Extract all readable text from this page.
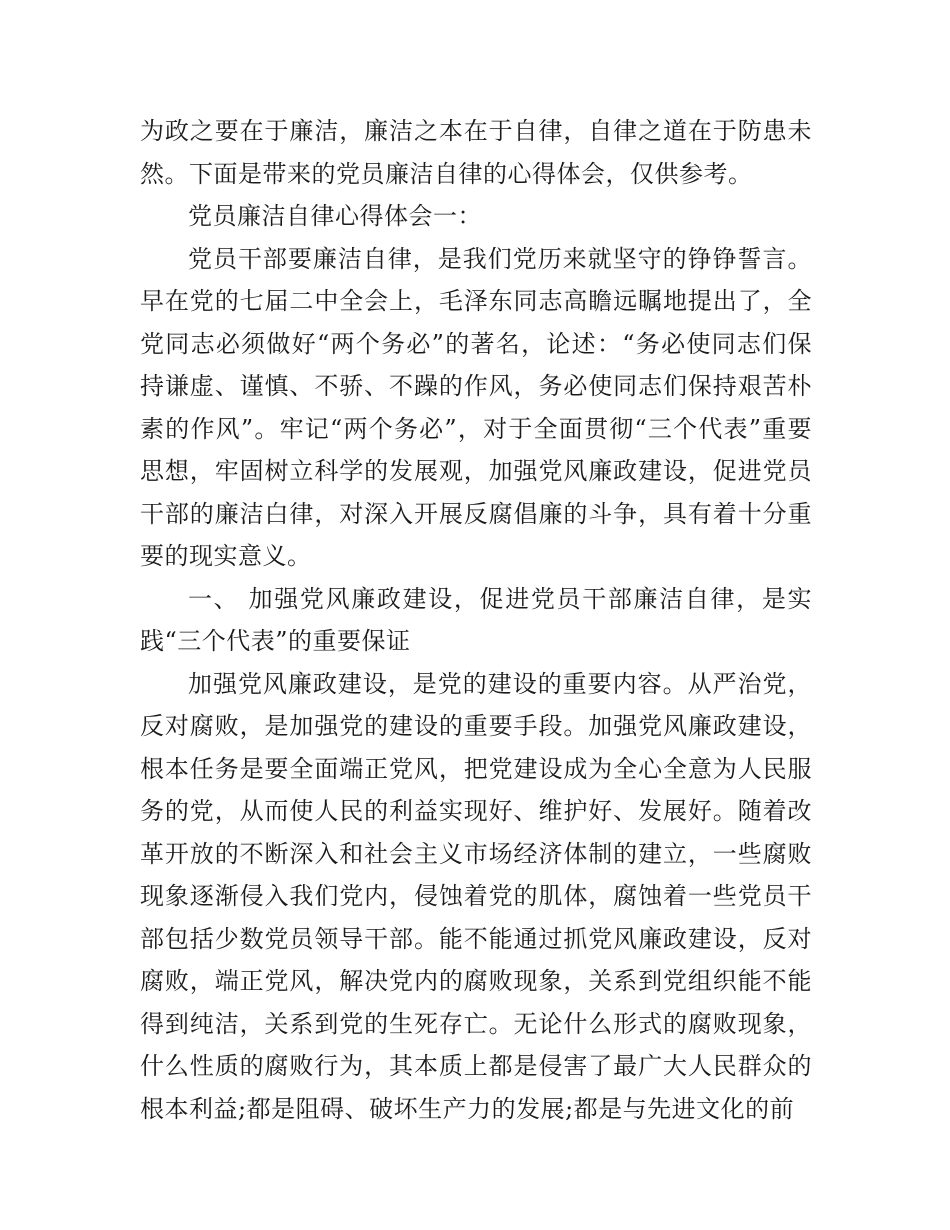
为政之要在于廉洁，廉洁之本在于自律，自律之道在于防患未然。下面是带来的党员廉洁自律的心得体会，仅供参考。

党员廉洁自律心得体会一：

党员干部要廉洁自律，是我们党历来就坚守的铮铮誓言。早在党的七届二中全会上，毛泽东同志高瞻远瞩地提出了，全党同志必须做好“两个务必”的著名，论述：“务必使同志们保持谦虚、谨慎、不骄、不躁的作风，务必使同志们保持艰苦朴素的作风”。牢记“两个务必”，对于全面贯彻“三个代表”重要思想，牢固树立科学的发展观，加强党风廉政建设，促进党员干部的廉洁白律，对深入开展反腐倡廉的斗争，具有着十分重要的现实意义。

一、 加强党风廉政建设，促进党员干部廉洁自律，是实践“三个代表”的重要保证

加强党风廉政建设，是党的建设的重要内容。从严治党，反对腐败，是加强党的建设的重要手段。加强党风廉政建设，根本任务是要全面端正党风，把党建设成为全心全意为人民服务的党，从而使人民的利益实现好、维护好、发展好。随着改革开放的不断深入和社会主义市场经济体制的建立，一些腐败现象逐渐侵入我们党内，侵蚀着党的肌体，腐蚀着一些党员干部包括少数党员领导干部。能不能通过抓党风廉政建设，反对腐败，端正党风，解决党内的腐败现象，关系到党组织能不能得到纯洁，关系到党的生死存亡。无论什么形式的腐败现象，什么性质的腐败行为，其本质上都是侵害了最广大人民群众的根本利益;都是阻碍、破坏生产力的发展;都是与先进文化的前
